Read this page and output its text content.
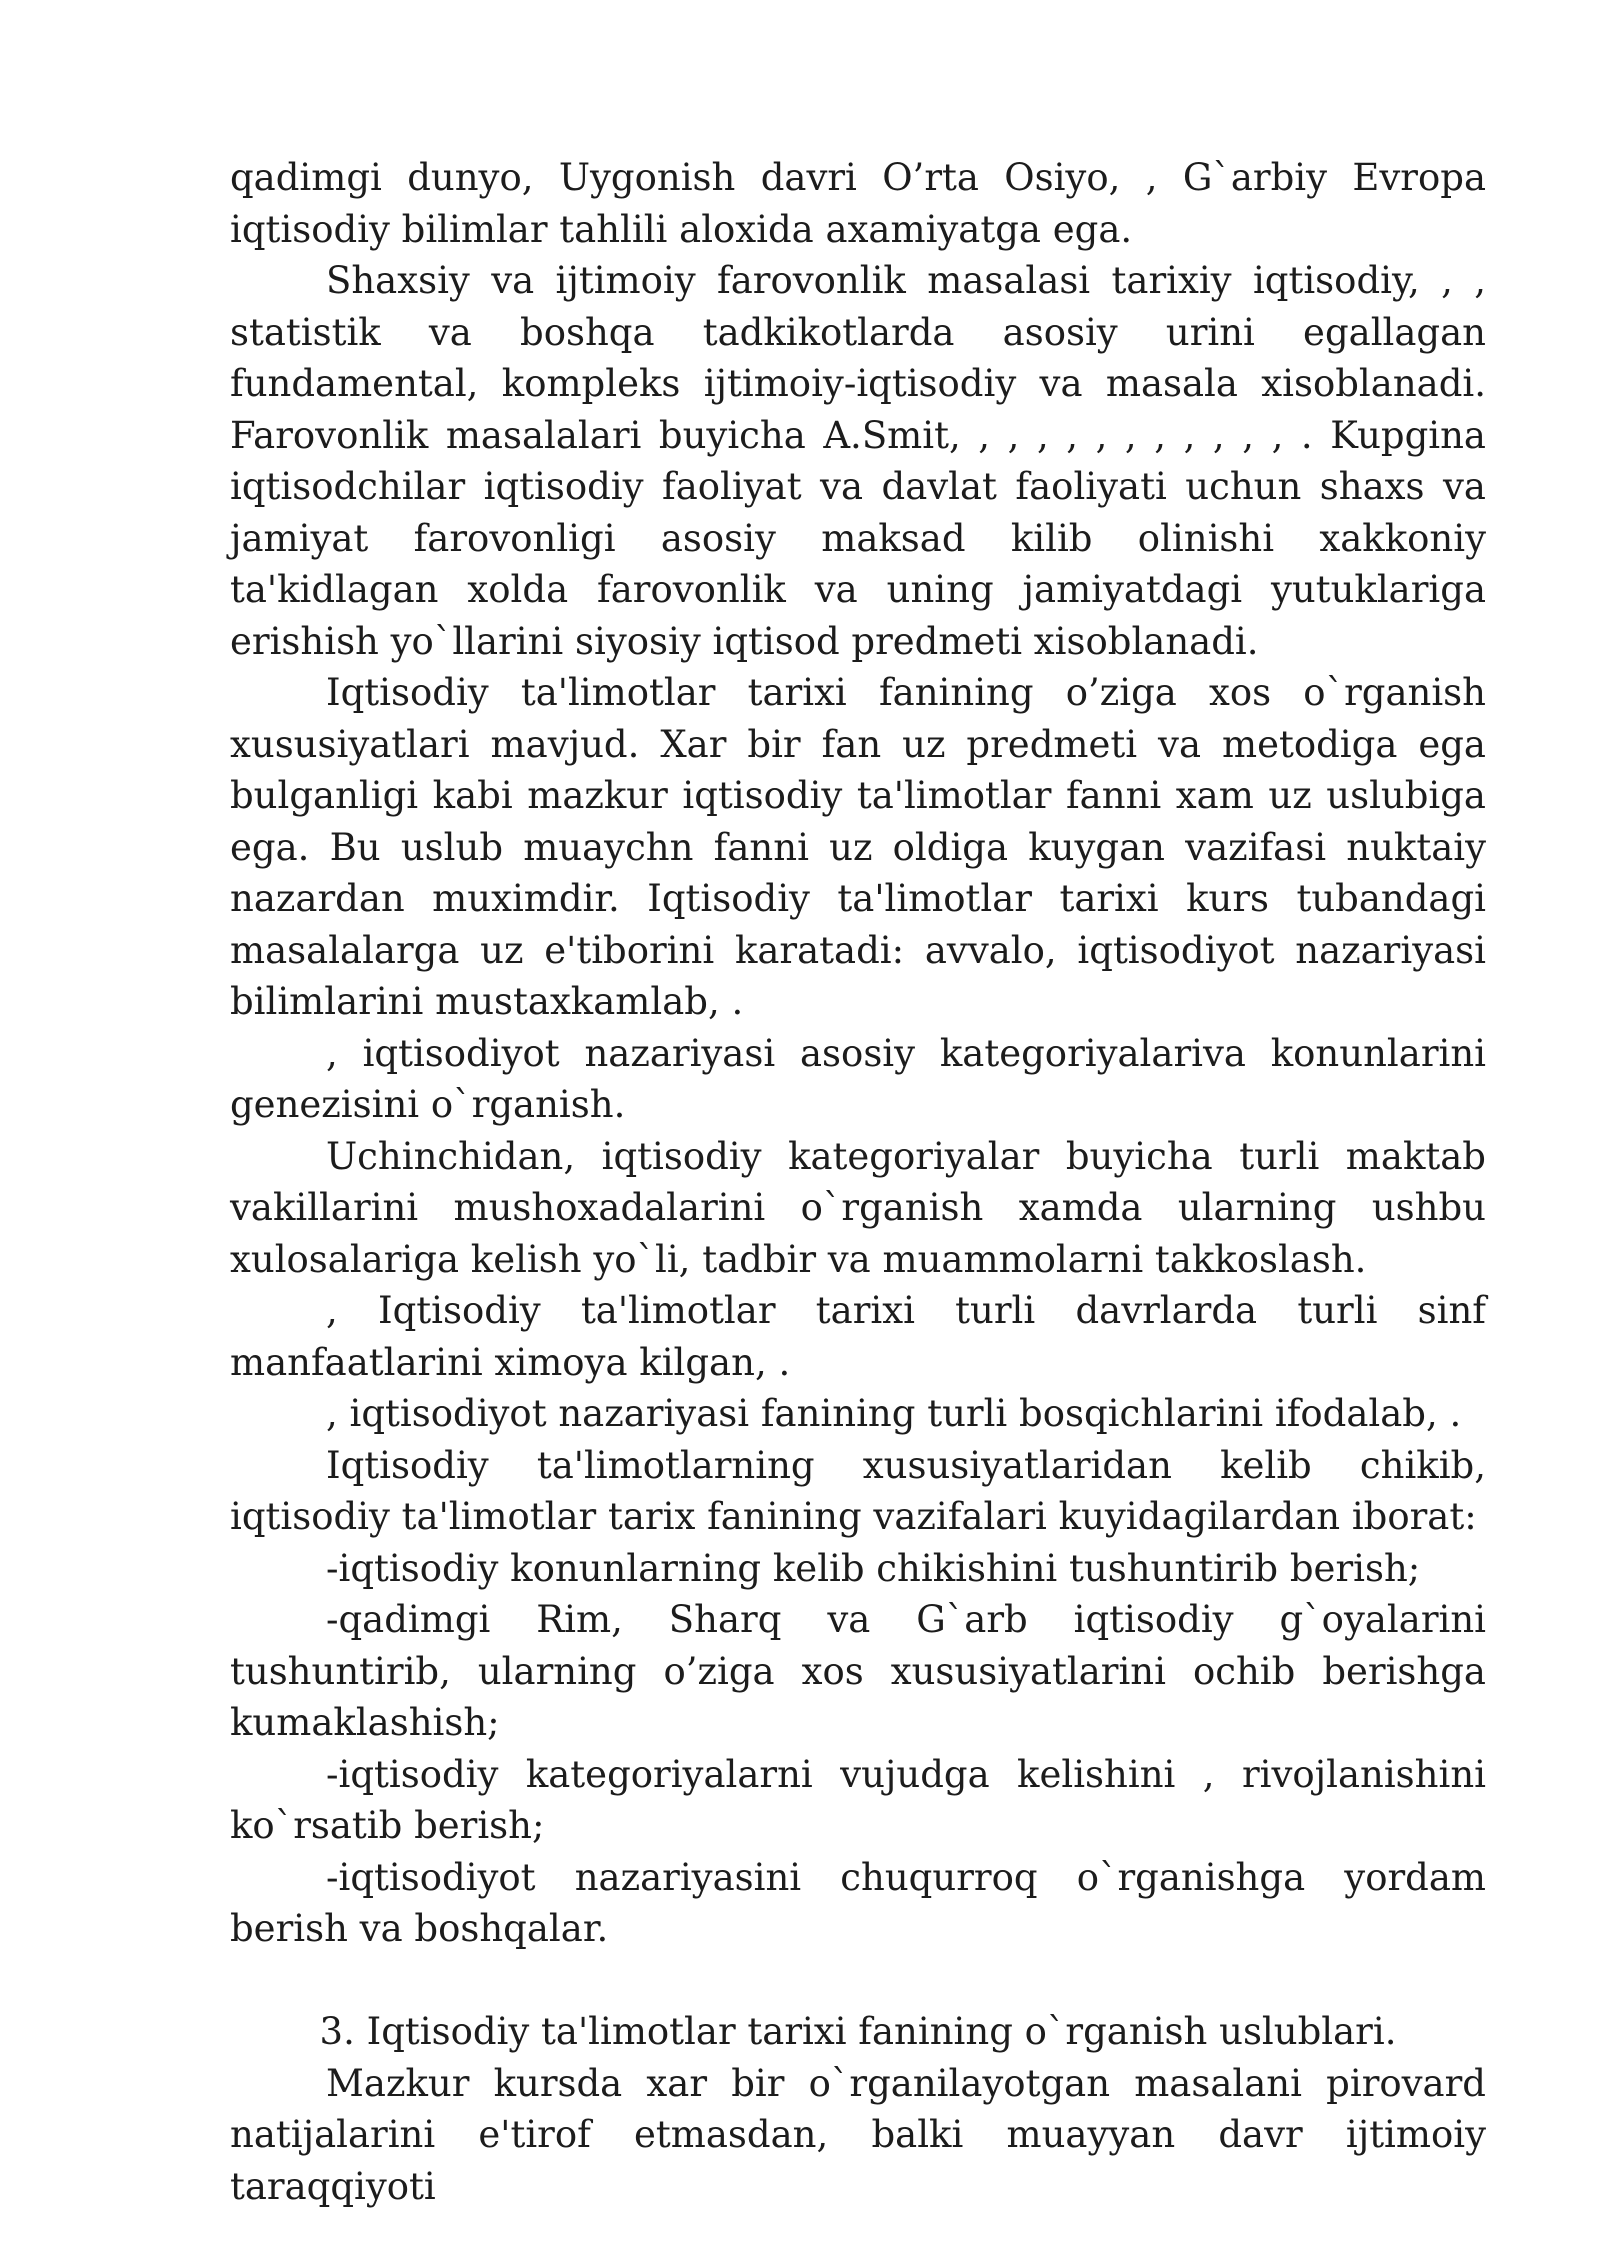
qadimgi dunyo, Uygonish davri O’rta Osiyo, , G`arbiy Evropa iqtisodiy bilimlar tahlili aloxida axamiyatga ega.

Shaxsiy va ijtimoiy farovonlik masalasi tarixiy iqtisodiy, , , statistik va boshqa tadkikotlarda asosiy urini egallagan fundamental, kompleks ijtimoiy-iqtisodiy va masala xisoblanadi. Farovonlik masalalari buyicha A.Smit, , , , , , , , , , , , . Kupgina iqtisodchilar iqtisodiy faoliyat va davlat faoliyati uchun shaxs va jamiyat farovonligi asosiy maksad kilib olinishi xakkoniy ta'kidlagan xolda farovonlik va uning jamiyatdagi yutuklariga erishish yo`llarini siyosiy iqtisod predmeti xisoblanadi.

Iqtisodiy ta'limotlar tarixi fanining o’ziga xos o`rganish xususiyatlari mavjud. Xar bir fan uz predmeti va metodiga ega bulganligi kabi mazkur iqtisodiy ta'limotlar fanni xam uz uslubiga ega. Bu uslub muaychn fanni uz oldiga kuygan vazifasi nuktaiy nazardan muximdir. Iqtisodiy ta'limotlar tarixi kurs tubandagi masalalarga uz e'tiborini karatadi: avvalo, iqtisodiyot nazariyasi bilimlarini mustaxkamlab, .

, iqtisodiyot nazariyasi asosiy kategoriyalariva konunlarini genezisini o`rganish.

Uchinchidan, iqtisodiy kategoriyalar buyicha turli maktab vakillarini mushoxadalarini o`rganish xamda ularning ushbu xulosalariga kelish yo`li, tadbir va muammolarni takkoslash.

, Iqtisodiy ta'limotlar tarixi turli davrlarda turli sinf manfaatlarini ximoya kilgan, .

, iqtisodiyot nazariyasi fanining turli bosqichlarini ifodalab, .

Iqtisodiy ta'limotlarning xususiyatlaridan kelib chikib, iqtisodiy ta'limotlar tarix fanining vazifalari kuyidagilardan iborat:

-iqtisodiy konunlarning kelib chikishini tushuntirib berish;

-qadimgi Rim, Sharq va G`arb iqtisodiy g`oyalarini tushuntirib, ularning o’ziga xos xususiyatlarini ochib berishga kumaklashish;

-iqtisodiy kategoriyalarni vujudga kelishini , rivojlanishini ko`rsatib berish;

-iqtisodiyot nazariyasini chuqurroq o`rganishga yordam berish va boshqalar.

3. Iqtisodiy ta'limotlar tarixi fanining o`rganish uslublari.

Mazkur kursda xar bir o`rganilayotgan masalani pirovard natijalarini e'tirof etmasdan, balki muayyan davr ijtimoiy taraqqiyoti
